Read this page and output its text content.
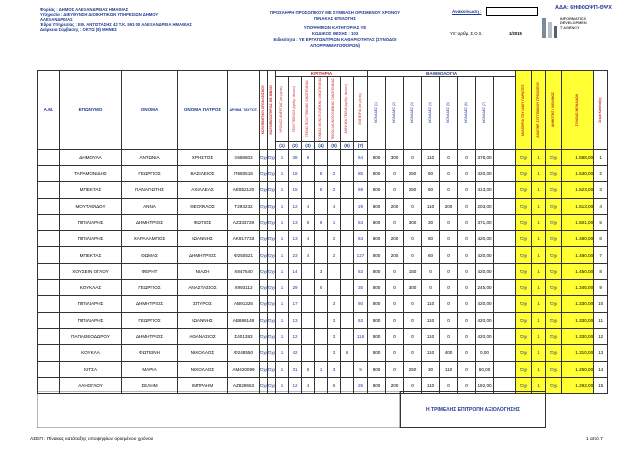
Φορέας : ΔΗΜΟΣ ΑΛΕΞΑΝΔΡΕΙΑΣ ΗΜΑΘΙΑΣ
Υπηρεσία : ΔΙΕΥΘΥΝΣΗ ΔΙΟΙΚΗΤΙΚΩΝ ΥΠΗΡΕΣΙΩΝ ΔΗΜΟΥ
ΑΛΕΞΑΝΔΡΕΙΑΣ
Έδρα Υπηρεσίας : ΕΘ. ΑΝΤΙΣΤΑΣΗΣ 42 Τ.Κ. 593 00 ΑΛΕΞΑΝΔΡΕΙΑ ΗΜΑΘΙΑΣ
Διάρκεια Σύμβασης : ΟΚΤΩ (8) ΜΗΝΕΣ
ΠΡΟΣΛΗΨΗ ΠΡΟΣΩΠΙΚΟΥ ΜΕ ΣΥΜΒΑΣΗ ΟΡΙΣΜΕΝΟΥ ΧΡΟΝΟΥ
ΠΙΝΑΚΑΣ ΕΠΙΛΟΓΗΣ
ΥΠΟΨΗΦΙΩΝ ΚΑΤΗΓΟΡΙΑΣ ΥΕ
ΚΩΔΙΚΟΣ ΘΕΣΗΣ : 103
Ειδικότητα : ΥΕ ΕΡΓΑΤΩΝ/ΤΡΙΩΝ ΚΑΘΑΡΙΟΤΗΤΑΣ (ΣΥΝΟΔΟΙ
ΑΠΟΡΡΙΜΜΑΤΟΦΟΡΩΝ)
Ανακοίνωση :
Υπ' αριθμ. Σ.Ο.Χ.	1/2015
ΑΔΑ: 6ΗΦ0ΩΨΠ-ΘΨΧ
INFORMATICS
DEVELOPMEN
T AGENCY
Α.Μ.	ΕΠΩΝΥΜΟ	ΟΝΟΜΑ	ΟΝΟΜΑ ΠΑΤΡΟΣ	ΑΡΙΘΜ. ΤΑΥΤΟΤ.	ΚΟΛΥΜΒΗΤ/ΚΗ ΑΠΟΚΛΕΙΣΜΟΥ	ΚΟΛΥΜΒ/ΣΩΤΗΡΙΑΣ ΜΕ ΒΙΒΛΙΟ	ΚΡΙΤΗΡΙΑ							ΒΑΘΜΟΛΟΓΙΑ								ΑΝΑΠΗΡΙΑ ΤΟΥ ΙΔΙΟΥ ΠΑΡΑΓΕΙΤ.	ΑΝΑΠΗΡ. ΣΥΓΓΕΝΙΚΟΥ ΠΡΟΣΩΠΟΥ	ΔΗΜΟΤΗΣ / ΜΟΝΙΜΟΣ	ΣΥΝΟΛΟ ΜΟΝΑΔΩΝ	Σειρά Κατάταξης

							ΧΡΟΝΟΣ ΑΝΕΡΓΙΑΣ (σε μήνες)	ΠΟΛΥΤΕΚΝΟΣ (αριθμ. τέκνων)	ΤΕΚΝΟ ΠΟΛΥΤΕΚΝΗΣ ΟΙΚΟΓΕΝΕΙΑΣ	ΓΟΝΕΑΣ ΜΟΝΟΓΟΝΕΪΚΗΣ ΟΙΚΟΓΕΝΕΙΑΣ	ΤΕΚΝΟ ΜΟΝΟΓΟΝΕΪΚΗΣ ΟΙΚΟΓΕΝΕΙΑΣ	ΑΝΗΛΙΚΑ ΤΕΚΝΑ (αριθμ. τέκνων)	ΕΜΠΕΙΡΙΑ (σε μήνες)	ΜΟΝΑΔΕΣ (1)	ΜΟΝΑΔΕΣ (2)	ΜΟΝΑΔΕΣ (3)	ΜΟΝΑΔΕΣ (4)	ΜΟΝΑΔΕΣ (5)	ΜΟΝΑΔΕΣ (6)	ΜΟΝΑΔΕΣ (7)						

							(1)	(2)	(3)	(4)	(5)	(6)	(7)													
	ΔΗΜΟΥΛΑ	ΑΝΤΩΝΙΑ	ΧΡΗΣΤΟΣ	Ξ658602	Όχι	Όχι	1	36	6				54	800	300	0	110	0	0	378,00		Όχι	1	Όχι	1.588,00	1
	ΤΑΡΑΜΟΝΙΔΗΣ	ΓΕΩΡΓΙΟΣ	ΒΑΣΙΛΕΙΟΣ	Π680518	Όχι	Όχι	1	16		5	2		85	800	0	250	60	0	0	420,00		Όχι	1	Όχι	1.530,00	2
	ΜΠΕΚΤΑΣ	ΠΑΝΑΓΙΩΤΗΣ	ΑΧΙΛΛΕΑΣ	ΑΕ852120	Όχι	Όχι	1	15		5	2		59	800	0	250	60	0	0	413,00		Όχι	1	Όχι	1.523,00	3
	ΜΟΥΤΑΦΙΔΟΥ	ΑΝΝΑ	ΘΕΟΦΙΛΟΣ	Τ293232	Όχι	Όχι	1	12	4		4		29	800	200	0	110	200	0	203,00		Όχι	1	Όχι	1.513,00	4
	ΠΙΠΙΛΙΑΡΗΣ	ΔΗΜΗΤΡΙΟΣ	ΦΩΤΙΟΣ	ΑΖ333728	Όχι	Όχι	1	13	5	6	1		53	800	0	300	30	0	0	371,00		Όχι	1	Όχι	1.501,00	5
	ΠΙΠΙΛΙΑΡΗΣ	ΧΑΡΑΛΑΜΠΟΣ	ΙΩΑΝΝΗΣ	ΑΚ917733	Όχι	Όχι	1	13	4		2		63	800	200	0	60	0	0	420,00		Όχι	1	Όχι	1.480,00	6
	ΜΠΕΚΤΑΣ	ΘΩΜΑΣ	ΔΗΜΗΤΡΙΟΣ	Φ250521	Όχι	Όχι	1	23	4		2		127	800	200	0	60	0	0	420,00		Όχι	1	Όχι	1.480,00	7
	ΧΟΥΣΕΙΝ ΟΓΛΟΥ	ΦΕΡΗΤ	ΝΙΑΖΗ	Χ847540	Όχι	Όχι	1	14		3			63	800	0	150	0	0	0	420,00		Όχι	1	Όχι	1.450,00	8
	ΚΟΥΚΛΑΣ	ΓΕΩΡΓΙΟΣ	ΑΝΑΣΤΑΣΙΟΣ	Χ993112	Όχι	Όχι	1	29		6			35	800	0	300	0	0	0	245,00		Όχι	1	Όχι	1.345,00	9
	ΠΙΠΙΛΙΑΡΗΣ	ΔΗΜΗΤΡΙΟΣ	ΣΠΥΡΟΣ	ΑΒ91326	Όχι	Όχι	1	17			3		60	800	0	0	110	0	0	420,00		Όχι	1	Όχι	1.330,00	10
	ΠΙΠΙΛΙΑΡΗΣ	ΓΕΩΡΓΙΟΣ	ΙΩΑΝΝΗΣ	ΑΒ686148	Όχι	Όχι	1	13			3		63	800	0	0	110	0	0	420,00		Όχι	1	Όχι	1.330,00	11
	ΠΑΠΑΘΕΟΔΩΡΟΥ	ΔΗΜΗΤΡΙΟΣ	ΑΘΑΝΑΣΙΟΣ	Σ401383	Όχι	Όχι	1	12			3		118	800	0	0	110	0	0	420,00		Όχι	1	Όχι	1.330,00	12
	ΚΟΥΚΛΑ	ΦΩΤΕΙΝΗ	ΝΙΚΟΛΑΟΣ	Φ248550	Όχι	Όχι	1	42			3	6		800	0	0	110	400	0	0,00		Όχι	1	Όχι	1.310,00	13
	ΚΙΤΣΑ	ΜΑΡΙΑ	ΝΙΚΟΛΑΟΣ	ΑΜ420099	Όχι	Όχι	1	31	5	1	3		9	800	0	250	30	110	0	60,00		Όχι	1	Όχι	1.250,00	14
	ΑΛΗΟΓΛΟΥ	ΣΕΛΗΜ	ΙΜΠΡΑΗΜ	ΑΖ828653	Όχι	Όχι	1	12	4		6		26	800	200	0	110	0	0	182,00		Όχι	1	Όχι	1.292,00	15
Η ΤΡΙΜΕΛΗΣ ΕΠΙΤΡΟΠΗ ΑΞΙΟΛΟΓΗΣΗΣ
ΑΣΕΠ : Πίνακας κατάταξης υποψηφίων ορισμένου χρόνου	1 από 7
